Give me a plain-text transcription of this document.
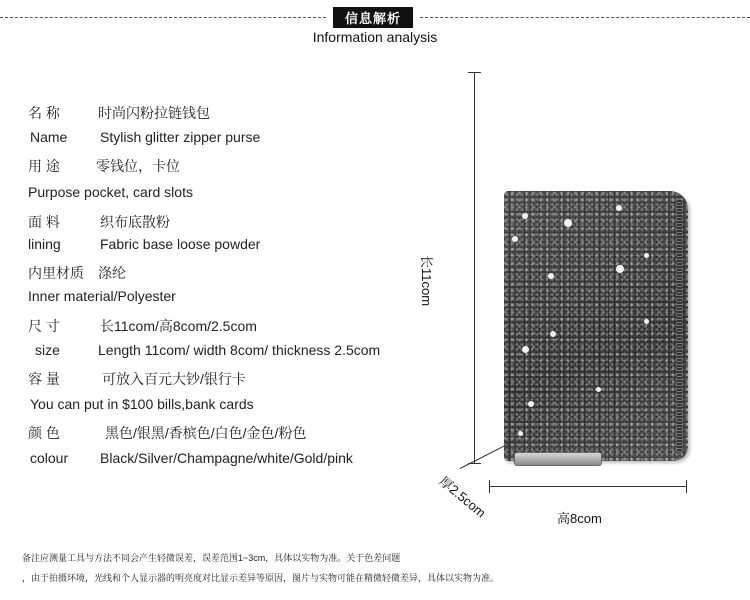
信息解析
Information analysis
名 称	时尚闪粉拉链钱包
Name Stylish glitter zipper purse
用 途	零钱位，卡位
Purpose pocket, card slots
面 料	织布底散粉
lining	Fabric base loose powder
内里材质 涤纶
Inner material/Polyester
尺 寸	长11com/高8com/2.5com
size	Length 11com/ width 8com/ thickness 2.5com
容 量	可放入百元大钞/银行卡
You can put in $100 bills,bank cards
颜 色	黑色/银黑/香槟色/白色/金色/粉色
colour Black/Silver/Champagne/white/Gold/pink
长11com
高8com
厚2.5com
备注应测量工具与方法不同会产生轻微误差，误差范围1~3cm，具体以实物为准。关于色差问题
，由于拍摄环境，光线和个人显示器的明亮度对比显示差异等原因，图片与实物可能在精微轻微差异，具体以实物为准。
